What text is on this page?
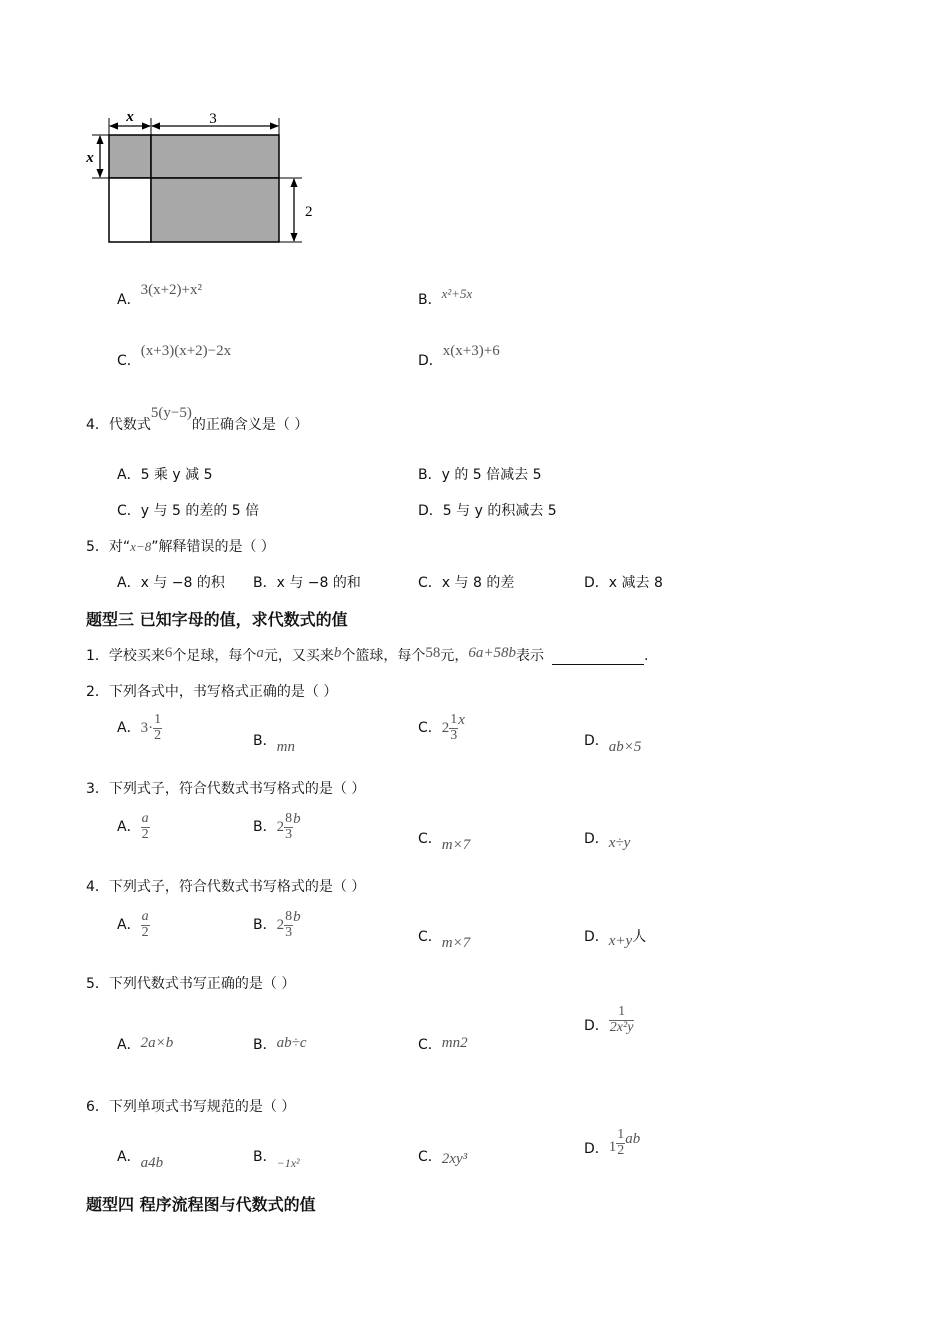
x	3
x
2
A．3(x+2)+x²
B．x²+5x
C．(x+3)(x+2)−2x
D．x(x+3)+6
4．代数式5(y−5)的正确含义是（ ）
A．5 乘 y 减 5	B．y 的 5 倍减去 5
C．y 与 5 的差的 5 倍	D．5 与 y 的积减去 5
5．对“x−8”解释错误的是（ ）
A．x 与 −8 的积 B．x 与 −8 的和	C．x 与 8 的差	D．x 减去 8
题型三 已知字母的值，求代数式的值
1．学校买来6个足球，每个a元，又买来b个篮球，每个58元，6a+58b表示	.
2．下列各式中，书写格式正确的是（ ）
A．$3\cdot \frac{1}{2}$	B．mn
C．$2 \frac{1}{3}$ x
D．ab×5
3．下列式子，符合代数式书写格式的是（ ）
A． $\frac{a}{2}$	B．$2 \frac{8}{3}$ b
C．m×7	D．x÷y
4．下列式子，符合代数式书写格式的是（ ）
A． $\frac{a}{2}$	B．$2 \frac{8}{3}$ b
C．m×7	D．x+y人
5．下列代数式书写正确的是（ ）
A．2a×b	B．ab÷c	C．mn2
D． $\frac{1}{\text{2x²y}}$
6．下列单项式书写规范的是（ ）
A．a4b	B．−1x²	C．2xy³
D．$1 \frac{1}{2}$ ab
题型四 程序流程图与代数式的值
